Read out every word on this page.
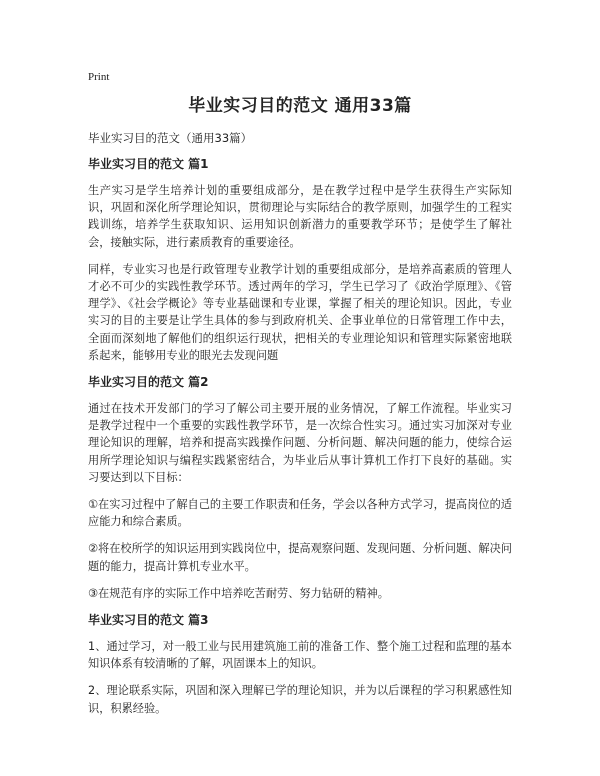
Print
毕业实习目的范文 通用33篇
毕业实习目的范文（通用33篇）
毕业实习目的范文 篇1

生产实习是学生培养计划的重要组成部分，是在教学过程中是学生获得生产实际知识，巩固和深化所学理论知识，贯彻理论与实际结合的教学原则，加强学生的工程实践训练，培养学生获取知识、运用知识创新潜力的重要教学环节；是使学生了解社会，接触实际，进行素质教育的重要途径。

同样，专业实习也是行政管理专业教学计划的重要组成部分，是培养高素质的管理人才必不可少的实践性教学环节。透过两年的学习，学生已学习了《政治学原理》、《管理学》、《社会学概论》等专业基础课和专业课，掌握了相关的理论知识。因此，专业实习的目的主要是让学生具体的参与到政府机关、企事业单位的日常管理工作中去，全面而深刻地了解他们的组织运行现状，把相关的专业理论知识和管理实际紧密地联系起来，能够用专业的眼光去发现问题

毕业实习目的范文 篇2

通过在技术开发部门的学习了解公司主要开展的业务情况，了解工作流程。毕业实习是教学过程中一个重要的实践性教学环节，是一次综合性实习。通过实习加深对专业理论知识的理解，培养和提高实践操作问题、分析问题、解决问题的能力，使综合运用所学理论知识与编程实践紧密结合，为毕业后从事计算机工作打下良好的基础。实习要达到以下目标：

①在实习过程中了解自己的主要工作职责和任务，学会以各种方式学习，提高岗位的适应能力和综合素质。

②将在校所学的知识运用到实践岗位中，提高观察问题、发现问题、分析问题、解决问题的能力，提高计算机专业水平。

③在规范有序的实际工作中培养吃苦耐劳、努力钻研的精神。

毕业实习目的范文 篇3

1、通过学习，对一般工业与民用建筑施工前的准备工作、整个施工过程和监理的基本知识体系有较清晰的了解，巩固课本上的知识。

2、理论联系实际，巩固和深入理解已学的理论知识，并为以后课程的学习积累感性知识，积累经验。
